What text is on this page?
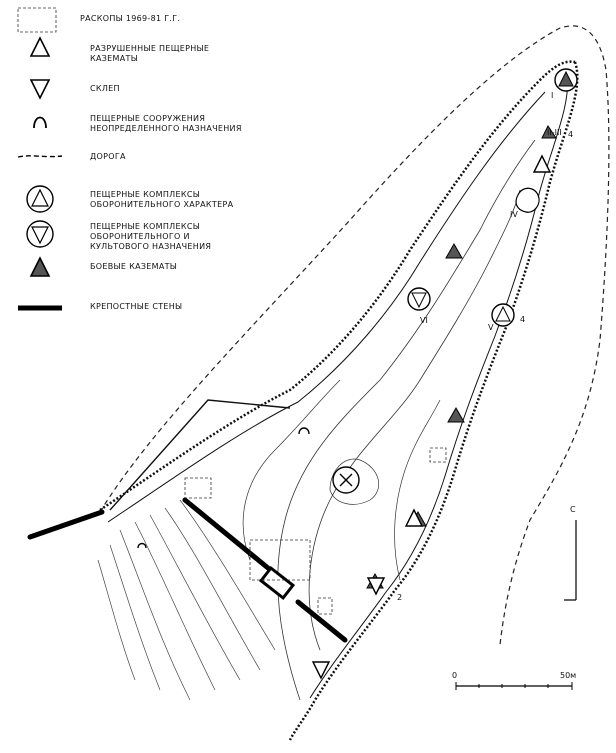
I
II-III 4
IV
V
4
VI
2
С
0	50м
РАСКОПЫ 1969-81 Г.Г.
РАЗРУШЕННЫЕ ПЕЩЕРНЫЕ КАЗЕМАТЫ
СКЛЕП
ПЕЩЕРНЫЕ СООРУЖЕНИЯ НЕОПРЕДЕЛЕННОГО НАЗНАЧЕНИЯ
ДОРОГА
ПЕЩЕРНЫЕ КОМПЛЕКСЫ ОБОРОНИТЕЛЬНОГО ХАРАКТЕРА
ПЕЩЕРНЫЕ КОМПЛЕКСЫ ОБОРОНИТЕЛЬНОГО И КУЛЬТОВОГО НАЗНАЧЕНИЯ
БОЕВЫЕ КАЗЕМАТЫ
КРЕПОСТНЫЕ СТЕНЫ
